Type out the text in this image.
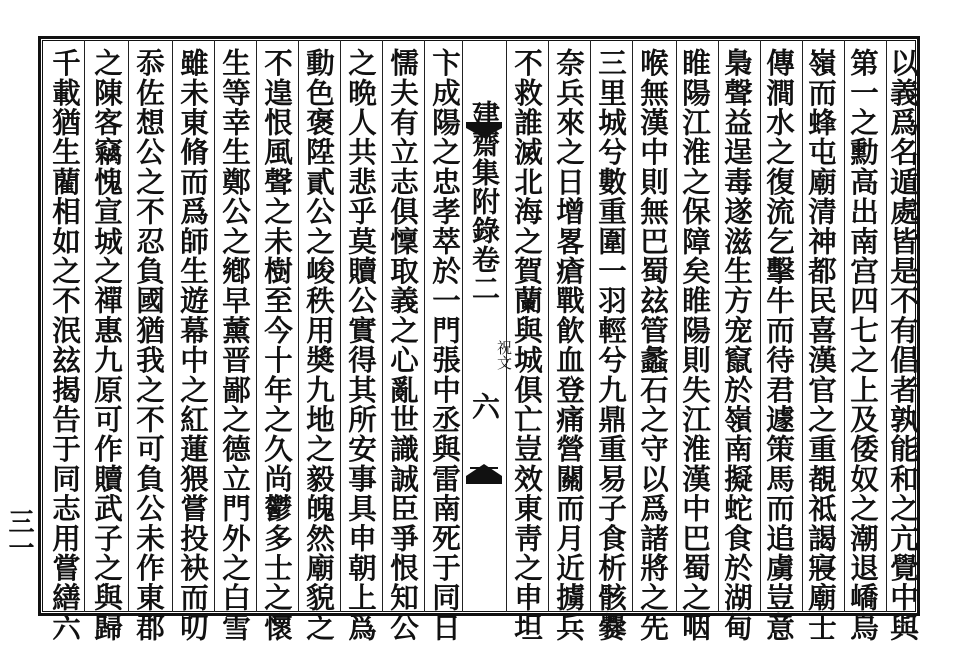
以義爲名遁處皆是不有倡者孰能和之亢覺中與
第一之勳高出南宫四七之上及倭奴之潮退嶠烏
嶺而蜂屯廟清神都民喜漢官之重覩祗謁寢廟士
傳澗水之復流乞擊牛而待君遽策馬而追虜豈意
梟聲益逞毒遂滋生方宠竄於嶺南擬蛇食於湖甸
睢陽江淮之保障矣睢陽則失江淮漢中巴蜀之咽
喉無漢中則無巴蜀玆管蠡石之守以爲諸將之先
三里城兮數重圍一羽輕兮九鼎重易子食析骸爨
奈兵來之日增畧瘡戰飮血登痛營關而月近擄兵
不救誰滅北海之賀蘭與城俱亡豈效東靑之申坦
建齋集附錄卷二
祝文
六
卞成陽之忠孝萃於一門張中丞與雷南死于同日
懦夫有立志俱懍取義之心亂世識誠臣爭恨知公
之晩人共悲乎莫贖公實得其所安事具申朝上爲
動色褒陞貳公之峻秩用奬九地之毅魄然廟貌之
不遑恨風聲之未樹至今十年之久尚鬱多士之懷
生等幸生鄭公之鄕早薰晋鄙之德立門外之白雪
雖未東脩而爲師生遊幕中之紅蓮猥嘗投袂而叨
忝佐想公之不忍負國猶我之不可負公未作東郡
之陳客竊愧宣城之禪惠九原可作贖武子之與歸
千載猶生藺相如之不泯玆揭告于同志用嘗繕六
三一
